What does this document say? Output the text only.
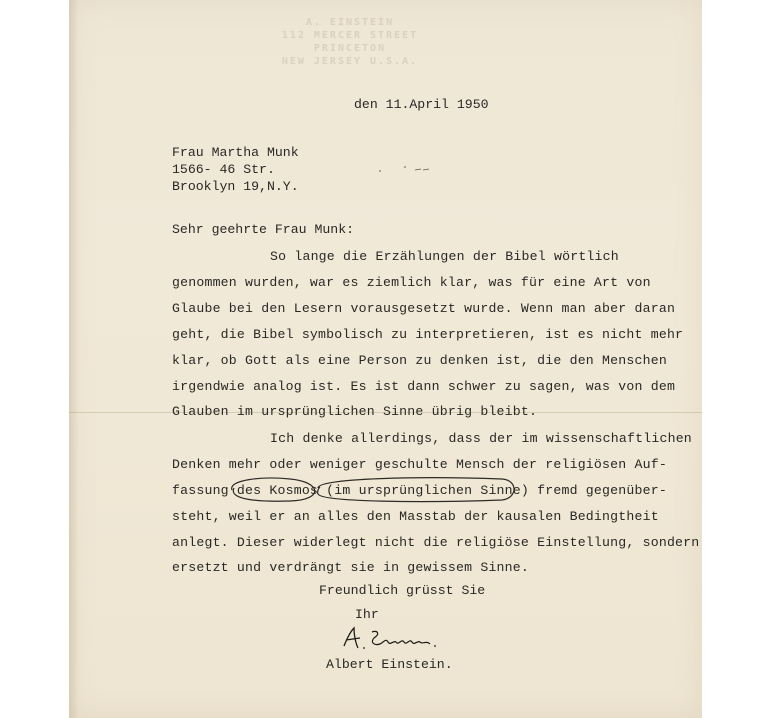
A. EINSTEIN
112 MERCER STREET
PRINCETON
NEW JERSEY U.S.A.
den 11.April 1950
Frau Martha Munk
1566- 46 Str.
Brooklyn 19,N.Y.
Sehr geehrte Frau Munk:
So lange die Erzählungen der Bibel wörtlich
genommen wurden, war es ziemlich klar, was für eine Art von
Glaube bei den Lesern vorausgesetzt wurde. Wenn man aber daran
geht, die Bibel symbolisch zu interpretieren, ist es nicht mehr
klar, ob Gott als eine Person zu denken ist, die den Menschen
irgendwie analog ist. Es ist dann schwer zu sagen, was von dem
Glauben im ursprünglichen Sinne übrig bleibt.
Ich denke allerdings, dass der im wissenschaftlichen
Denken mehr oder weniger geschulte Mensch der religiösen Auf-
fassung des Kosmos (im ursprünglichen Sinne) fremd gegenüber-
steht, weil er an alles den Masstab der kausalen Bedingtheit
anlegt. Dieser widerlegt nicht die religiöse Einstellung, sondern
ersetzt und verdrängt sie in gewissem Sinne.
Freundlich grüsst Sie
Ihr
Albert Einstein.
